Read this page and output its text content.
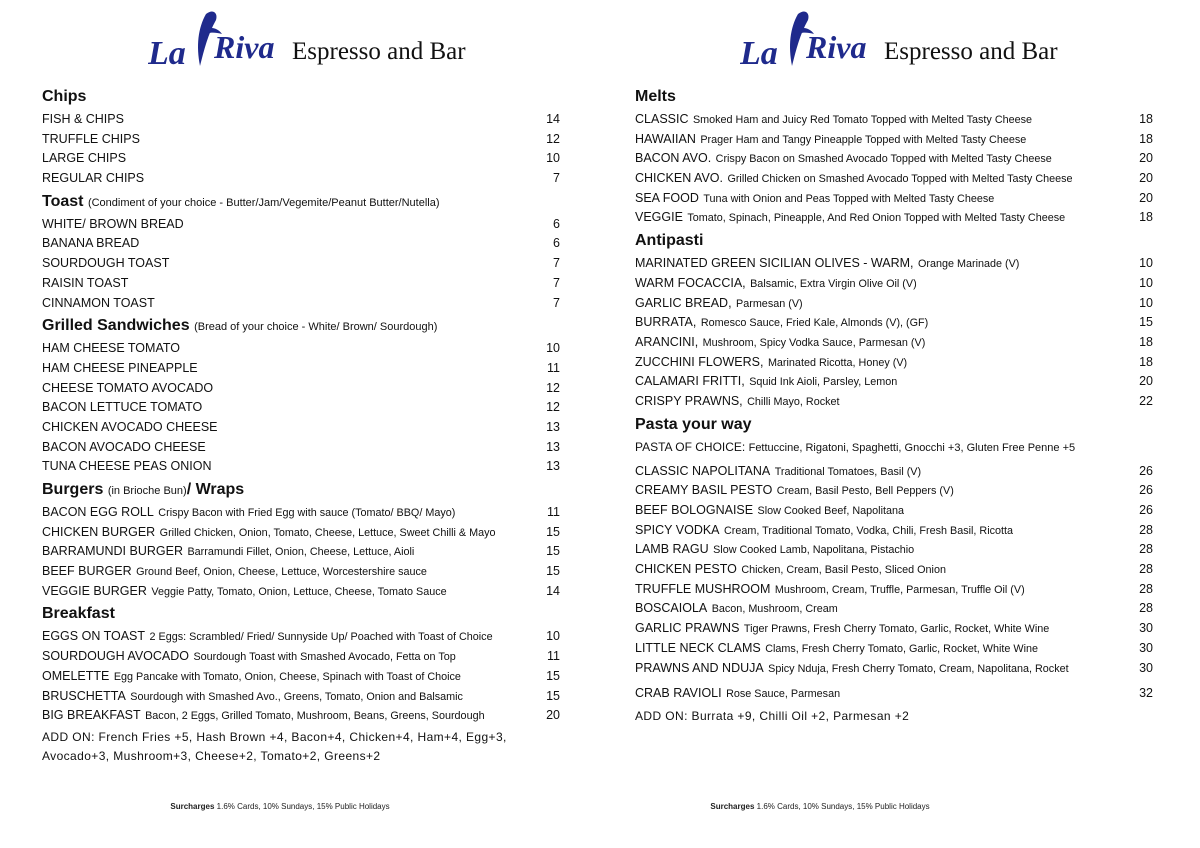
La Riva Espresso and Bar
Chips
FISH & CHIPS	14
TRUFFLE CHIPS	12
LARGE CHIPS	10
REGULAR CHIPS	7
Toast (Condiment of your choice - Butter/Jam/Vegemite/Peanut Butter/Nutella)
WHITE/ BROWN BREAD	6
BANANA BREAD	6
SOURDOUGH TOAST	7
RAISIN TOAST	7
CINNAMON TOAST	7
Grilled Sandwiches (Bread of your choice - White/ Brown/ Sourdough)
HAM CHEESE TOMATO	10
HAM CHEESE PINEAPPLE	11
CHEESE TOMATO AVOCADO	12
BACON LETTUCE TOMATO	12
CHICKEN AVOCADO CHEESE	13
BACON AVOCADO CHEESE	13
TUNA CHEESE PEAS ONION	13
Burgers (in Brioche Bun)/ Wraps
BACON EGG ROLL Crispy Bacon with Fried Egg with sauce (Tomato/ BBQ/ Mayo)	11
CHICKEN BURGER Grilled Chicken, Onion, Tomato, Cheese, Lettuce, Sweet Chilli & Mayo	15
BARRAMUNDI BURGER Barramundi Fillet, Onion, Cheese, Lettuce, Aioli	15
BEEF BURGER Ground Beef, Onion, Cheese, Lettuce, Worcestershire sauce	15
VEGGIE BURGER Veggie Patty, Tomato, Onion, Lettuce, Cheese, Tomato Sauce	14
Breakfast
EGGS ON TOAST 2 Eggs: Scrambled/ Fried/ Sunnyside Up/ Poached with Toast of Choice	10
SOURDOUGH AVOCADO Sourdough Toast with Smashed Avocado, Fetta on Top	11
OMELETTE Egg Pancake with Tomato, Onion, Cheese, Spinach with Toast of Choice	15
BRUSCHETTA Sourdough with Smashed Avo., Greens, Tomato, Onion and Balsamic	15
BIG BREAKFAST Bacon, 2 Eggs, Grilled Tomato, Mushroom, Beans, Greens, Sourdough	20
ADD ON: French Fries +5, Hash Brown +4, Bacon+4, Chicken+4, Ham+4, Egg+3, Avocado+3, Mushroom+3, Cheese+2, Tomato+2, Greens+2
Surcharges 1.6% Cards, 10% Sundays, 15% Public Holidays
La Riva Espresso and Bar
Melts
CLASSIC Smoked Ham and Juicy Red Tomato Topped with Melted Tasty Cheese	18
HAWAIIAN Prager Ham and Tangy Pineapple Topped with Melted Tasty Cheese	18
BACON AVO. Crispy Bacon on Smashed Avocado Topped with Melted Tasty Cheese	20
CHICKEN AVO. Grilled Chicken on Smashed Avocado Topped with Melted Tasty Cheese	20
SEA FOOD Tuna with Onion and Peas Topped with Melted Tasty Cheese	20
VEGGIE Tomato, Spinach, Pineapple, And Red Onion Topped with Melted Tasty Cheese	18
Antipasti
MARINATED GREEN SICILIAN OLIVES - WARM, Orange Marinade (V)	10
WARM FOCACCIA, Balsamic, Extra Virgin Olive Oil (V)	10
GARLIC BREAD, Parmesan (V)	10
BURRATA, Romesco Sauce, Fried Kale, Almonds (V), (GF)	15
ARANCINI, Mushroom, Spicy Vodka Sauce, Parmesan (V)	18
ZUCCHINI FLOWERS, Marinated Ricotta, Honey (V)	18
CALAMARI FRITTI, Squid Ink Aioli, Parsley, Lemon	20
CRISPY PRAWNS, Chilli Mayo, Rocket	22
Pasta your way
PASTA OF CHOICE: Fettuccine, Rigatoni, Spaghetti, Gnocchi +3, Gluten Free Penne +5
CLASSIC NAPOLITANA Traditional Tomatoes, Basil (V)	26
CREAMY BASIL PESTO Cream, Basil Pesto, Bell Peppers (V)	26
BEEF BOLOGNAISE Slow Cooked Beef, Napolitana	26
SPICY VODKA Cream, Traditional Tomato, Vodka, Chili, Fresh Basil, Ricotta	28
LAMB RAGU Slow Cooked Lamb, Napolitana, Pistachio	28
CHICKEN PESTO Chicken, Cream, Basil Pesto, Sliced Onion	28
TRUFFLE MUSHROOM Mushroom, Cream, Truffle, Parmesan, Truffle Oil (V)	28
BOSCAIOLA Bacon, Mushroom, Cream	28
GARLIC PRAWNS Tiger Prawns, Fresh Cherry Tomato, Garlic, Rocket, White Wine	30
LITTLE NECK CLAMS Clams, Fresh Cherry Tomato, Garlic, Rocket, White Wine	30
PRAWNS AND NDUJA Spicy Nduja, Fresh Cherry Tomato, Cream, Napolitana, Rocket	30
CRAB RAVIOLI Rose Sauce, Parmesan	32
ADD ON: Burrata +9, Chilli Oil +2, Parmesan +2
Surcharges 1.6% Cards, 10% Sundays, 15% Public Holidays
